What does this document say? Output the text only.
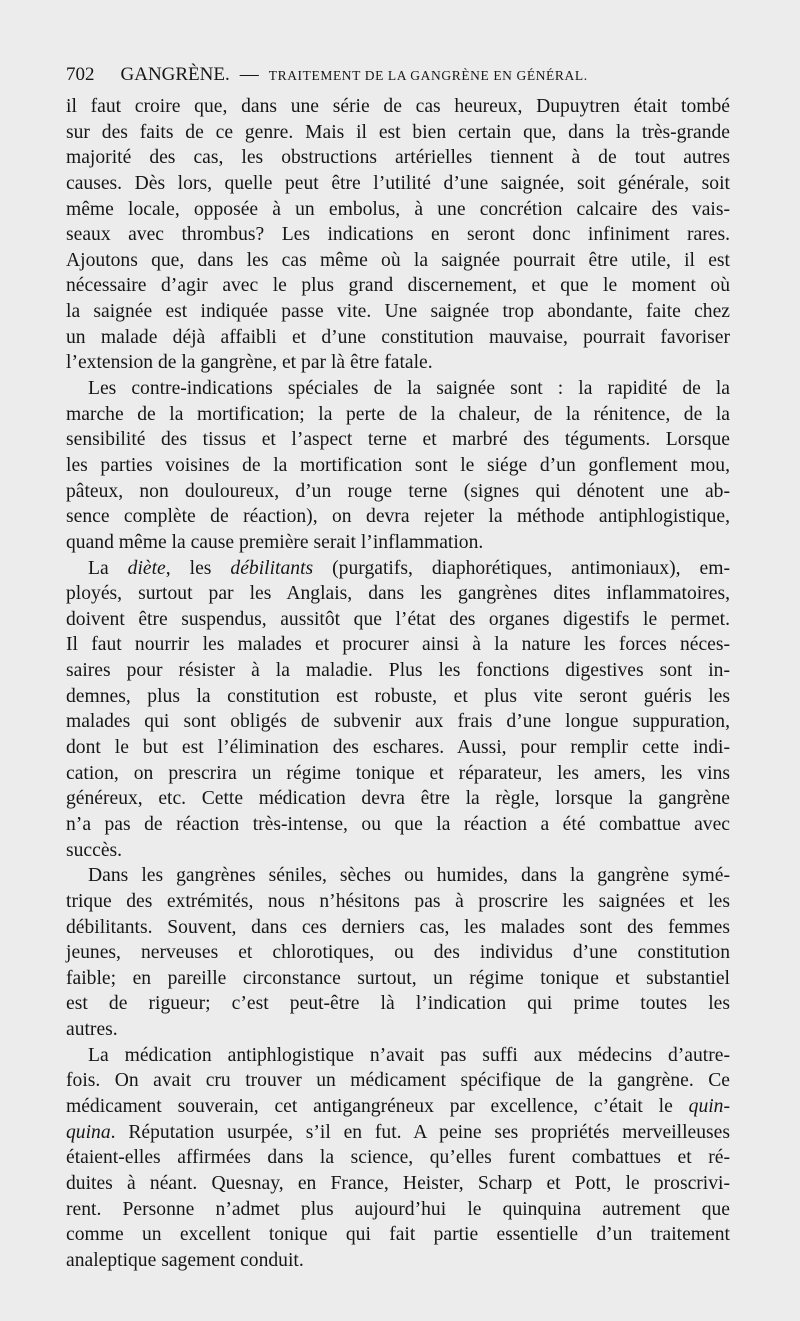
702 GANGRÈNE. — TRAITEMENT DE LA GANGRÈNE EN GÉNÉRAL.
il faut croire que, dans une série de cas heureux, Dupuytren était tombé
sur des faits de ce genre. Mais il est bien certain que, dans la très-grande
majorité des cas, les obstructions artérielles tiennent à de tout autres
causes. Dès lors, quelle peut être l’utilité d’une saignée, soit générale, soit
même locale, opposée à un embolus, à une concrétion calcaire des vais-
seaux avec thrombus? Les indications en seront donc infiniment rares.
Ajoutons que, dans les cas même où la saignée pourrait être utile, il est
nécessaire d’agir avec le plus grand discernement, et que le moment où
la saignée est indiquée passe vite. Une saignée trop abondante, faite chez
un malade déjà affaibli et d’une constitution mauvaise, pourrait favoriser
l’extension de la gangrène, et par là être fatale.
Les contre-indications spéciales de la saignée sont : la rapidité de la
marche de la mortification; la perte de la chaleur, de la rénitence, de la
sensibilité des tissus et l’aspect terne et marbré des téguments. Lorsque
les parties voisines de la mortification sont le siége d’un gonflement mou,
pâteux, non douloureux, d’un rouge terne (signes qui dénotent une ab-
sence complète de réaction), on devra rejeter la méthode antiphlogistique,
quand même la cause première serait l’inflammation.
La diète, les débilitants (purgatifs, diaphorétiques, antimoniaux), em-
ployés, surtout par les Anglais, dans les gangrènes dites inflammatoires,
doivent être suspendus, aussitôt que l’état des organes digestifs le permet.
Il faut nourrir les malades et procurer ainsi à la nature les forces néces-
saires pour résister à la maladie. Plus les fonctions digestives sont in-
demnes, plus la constitution est robuste, et plus vite seront guéris les
malades qui sont obligés de subvenir aux frais d’une longue suppuration,
dont le but est l’élimination des eschares. Aussi, pour remplir cette indi-
cation, on prescrira un régime tonique et réparateur, les amers, les vins
généreux, etc. Cette médication devra être la règle, lorsque la gangrène
n’a pas de réaction très-intense, ou que la réaction a été combattue avec
succès.
Dans les gangrènes séniles, sèches ou humides, dans la gangrène symé-
trique des extrémités, nous n’hésitons pas à proscrire les saignées et les
débilitants. Souvent, dans ces derniers cas, les malades sont des femmes
jeunes, nerveuses et chlorotiques, ou des individus d’une constitution
faible; en pareille circonstance surtout, un régime tonique et substantiel
est de rigueur; c’est peut-être là l’indication qui prime toutes les
autres.
La médication antiphlogistique n’avait pas suffi aux médecins d’autre-
fois. On avait cru trouver un médicament spécifique de la gangrène. Ce
médicament souverain, cet antigangréneux par excellence, c’était le quin-
quina. Réputation usurpée, s’il en fut. A peine ses propriétés merveilleuses
étaient-elles affirmées dans la science, qu’elles furent combattues et ré-
duites à néant. Quesnay, en France, Heister, Scharp et Pott, le proscrivi-
rent. Personne n’admet plus aujourd’hui le quinquina autrement que
comme un excellent tonique qui fait partie essentielle d’un traitement
analeptique sagement conduit.
